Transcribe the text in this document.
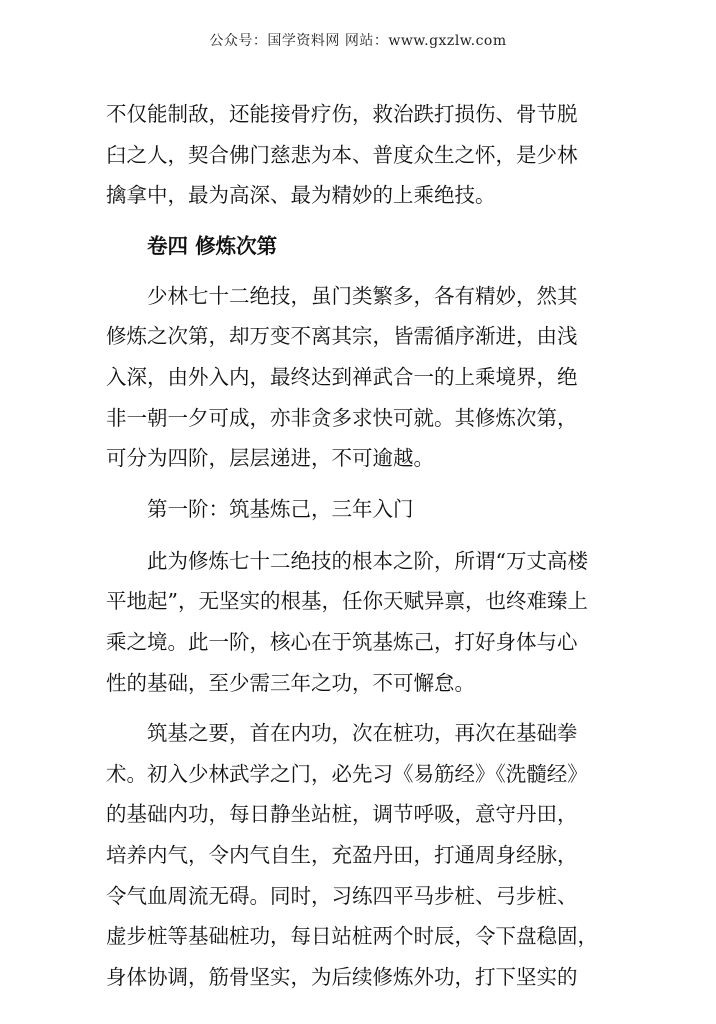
公众号：国学资料网 网站：www.gxzlw.com
不仅能制敌，还能接骨疗伤，救治跌打损伤、骨节脱
臼之人，契合佛门慈悲为本、普度众生之怀，是少林
擒拿中，最为高深、最为精妙的上乘绝技。
卷四 修炼次第
少林七十二绝技，虽门类繁多，各有精妙，然其
修炼之次第，却万变不离其宗，皆需循序渐进，由浅
入深，由外入内，最终达到禅武合一的上乘境界，绝
非一朝一夕可成，亦非贪多求快可就。其修炼次第，
可分为四阶，层层递进，不可逾越。
第一阶：筑基炼己，三年入门
此为修炼七十二绝技的根本之阶，所谓“万丈高楼
平地起”，无坚实的根基，任你天赋异禀，也终难臻上
乘之境。此一阶，核心在于筑基炼己，打好身体与心
性的基础，至少需三年之功，不可懈怠。
筑基之要，首在内功，次在桩功，再次在基础拳
术。初入少林武学之门，必先习《易筋经》《洗髓经》
的基础内功，每日静坐站桩，调节呼吸，意守丹田，
培养内气，令内气自生，充盈丹田，打通周身经脉，
令气血周流无碍。同时，习练四平马步桩、弓步桩、
虚步桩等基础桩功，每日站桩两个时辰，令下盘稳固，
身体协调，筋骨坚实，为后续修炼外功，打下坚实的
